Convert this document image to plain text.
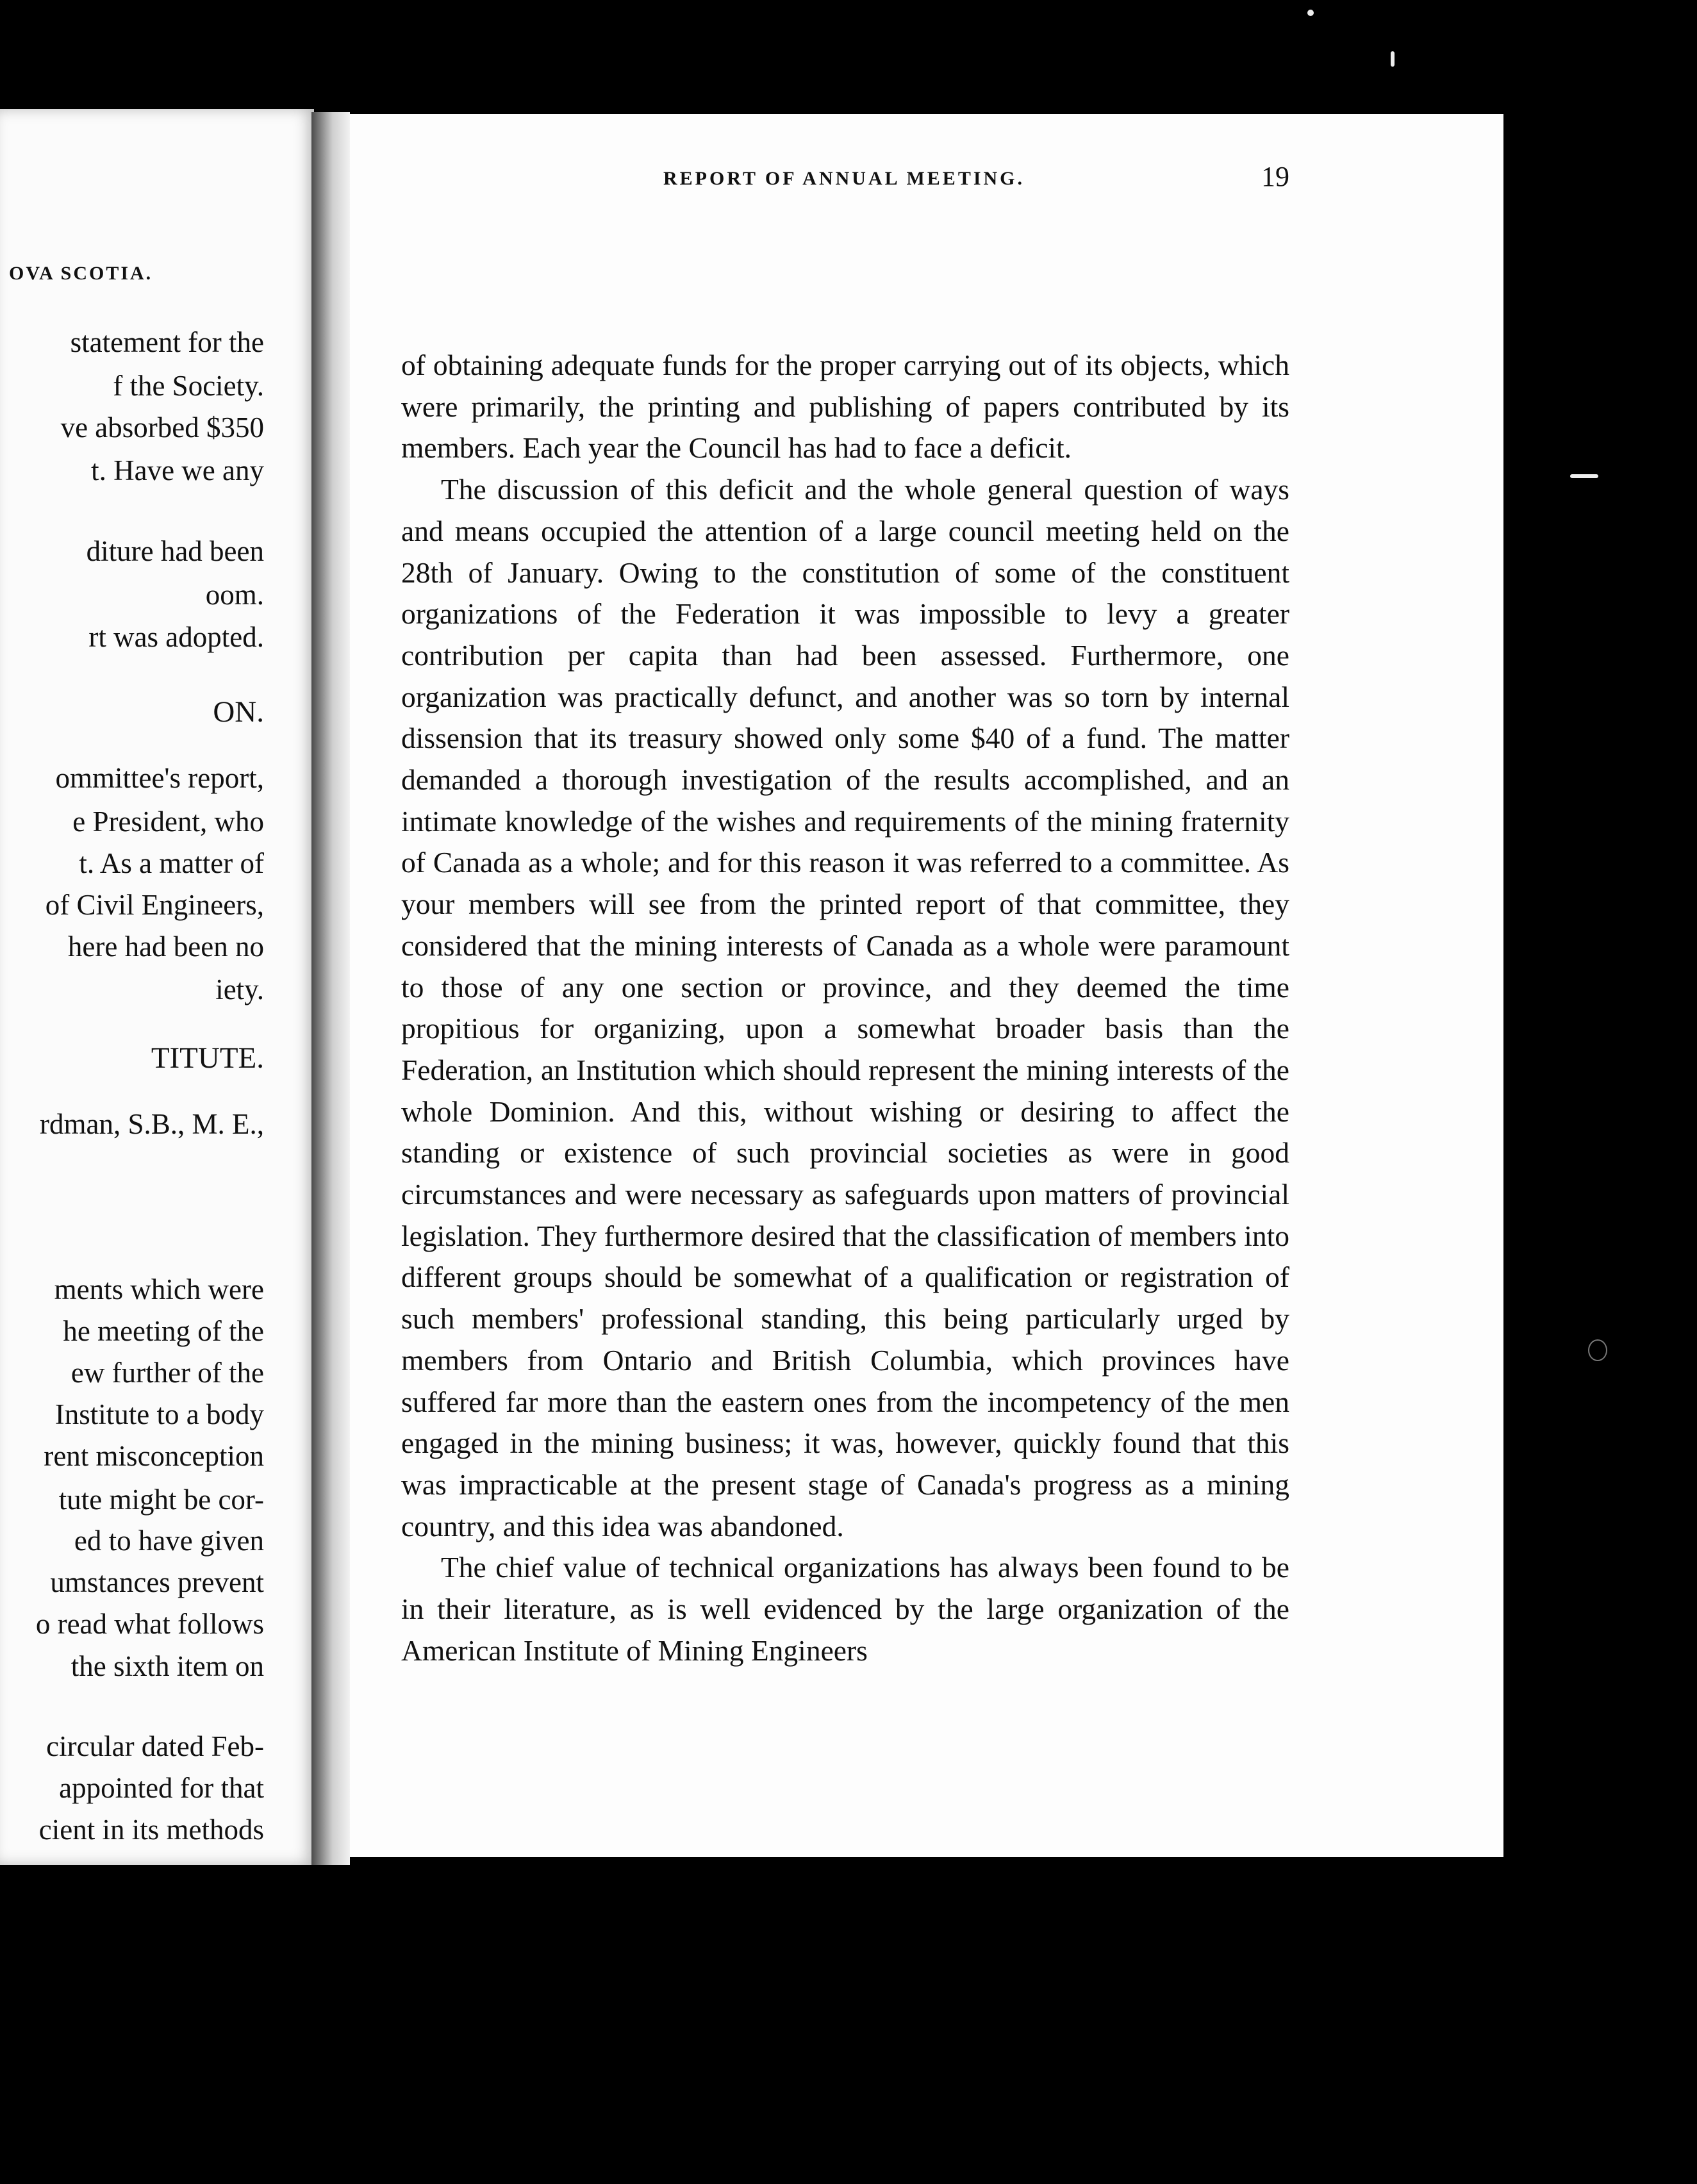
OVA SCOTIA.
statement for the
f the Society.
ve absorbed $350
t. Have we any
diture had been
oom.
rt was adopted.
ON.
ommittee's report,
e President, who
t. As a matter of
of Civil Engineers,
here had been no
iety.
TITUTE.
rdman, S.B., M. E.,
ments which were
he meeting of the
ew further of the
Institute to a body
rent misconception
tute might be cor-
ed to have given
umstances prevent
o read what follows
the sixth item on
circular dated Feb-
appointed for that
cient in its methods
REPORT OF ANNUAL MEETING.	19

of obtaining adequate funds for the proper carrying out of its objects, which were primarily, the printing and publishing of papers contributed by its members. Each year the Council has had to face a deficit.

The discussion of this deficit and the whole general question of ways and means occupied the attention of a large council meeting held on the 28th of January. Owing to the constitution of some of the constituent organizations of the Federation it was impossible to levy a greater contribution per capita than had been assessed. Furthermore, one organization was practically defunct, and another was so torn by internal dissension that its treasury showed only some $40 of a fund. The matter demanded a thorough investigation of the results accomplished, and an intimate knowledge of the wishes and requirements of the mining fraternity of Canada as a whole; and for this reason it was referred to a committee. As your members will see from the printed report of that committee, they considered that the mining interests of Canada as a whole were paramount to those of any one section or province, and they deemed the time propitious for organizing, upon a somewhat broader basis than the Federation, an Institution which should represent the mining interests of the whole Dominion. And this, without wishing or desiring to affect the standing or existence of such provincial societies as were in good circumstances and were necessary as safeguards upon matters of provincial legislation. They furthermore desired that the classification of members into different groups should be somewhat of a qualification or registration of such members' professional standing, this being particularly urged by members from Ontario and British Columbia, which provinces have suffered far more than the eastern ones from the incompetency of the men engaged in the mining business; it was, however, quickly found that this was impracticable at the present stage of Canada's progress as a mining country, and this idea was abandoned.

The chief value of technical organizations has always been found to be in their literature, as is well evidenced by the large organization of the American Institute of Mining Engineers
